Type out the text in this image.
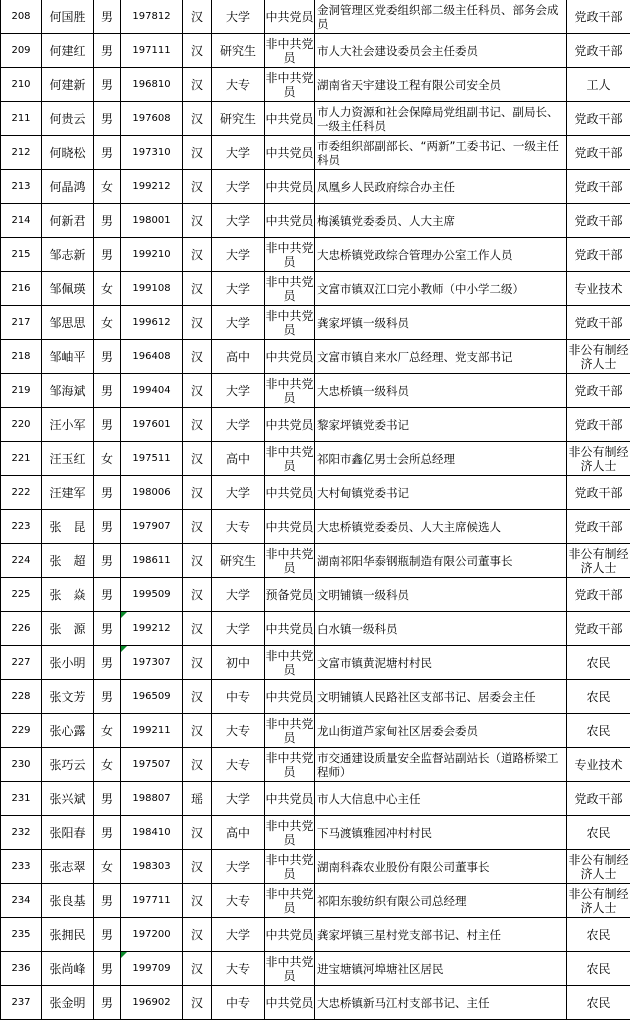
208	何国胜	男	197812	汉	大学	中共党员	金洞管理区党委组织部二级主任科员、部务会成员	党政干部
209	何建红	男	197111	汉	研究生	非中共党员	市人大社会建设委员会主任委员	党政干部
210	何建新	男	196810	汉	大专	非中共党员	湖南省天宇建设工程有限公司安全员	工人
211	何贵云	男	197608	汉	研究生	中共党员	市人力资源和社会保障局党组副书记、副局长、一级主任科员	党政干部
212	何晓松	男	197310	汉	大学	中共党员	市委组织部副部长、“两新”工委书记、一级主任科员	党政干部
213	何晶鸿	女	199212	汉	大学	中共党员	凤凰乡人民政府综合办主任	党政干部
214	何新君	男	198001	汉	大学	中共党员	梅溪镇党委委员、人大主席	党政干部
215	邹志新	男	199210	汉	大学	非中共党员	大忠桥镇党政综合管理办公室工作人员	党政干部
216	邹佩瑛	女	199108	汉	大学	非中共党员	文富市镇双江口完小教师（中小学二级）	专业技术
217	邹思思	女	199612	汉	大学	非中共党员	龚家坪镇一级科员	党政干部
218	邹岫平	男	196408	汉	高中	中共党员	文富市镇自来水厂总经理、党支部书记	非公有制经济人士
219	邹海斌	男	199404	汉	大学	非中共党员	大忠桥镇一级科员	党政干部
220	汪小军	男	197601	汉	大学	中共党员	黎家坪镇党委书记	党政干部
221	汪玉红	女	197511	汉	高中	非中共党员	祁阳市鑫亿男士会所总经理	非公有制经济人士
222	汪建军	男	198006	汉	大学	中共党员	大村甸镇党委书记	党政干部
223	张　昆	男	197907	汉	大专	中共党员	大忠桥镇党委委员、人大主席候选人	党政干部
224	张　超	男	198611	汉	研究生	非中共党员	湖南祁阳华泰钢瓶制造有限公司董事长	非公有制经济人士
225	张　焱	男	199509	汉	大学	预备党员	文明铺镇一级科员	党政干部
226	张　源	男	199212	汉	大学	中共党员	白水镇一级科员	党政干部
227	张小明	男	197307	汉	初中	非中共党员	文富市镇黄泥塘村村民	农民
228	张文芳	男	196509	汉	中专	中共党员	文明铺镇人民路社区支部书记、居委会主任	农民
229	张心露	女	199211	汉	大专	非中共党员	龙山街道芦家甸社区居委会委员	农民
230	张巧云	女	197507	汉	大专	非中共党员	市交通建设质量安全监督站副站长（道路桥梁工程师）	专业技术
231	张兴斌	男	198807	瑶	大学	中共党员	市人大信息中心主任	党政干部
232	张阳春	男	198410	汉	高中	非中共党员	下马渡镇雅园冲村村民	农民
233	张志翠	女	198303	汉	大学	非中共党员	湖南科森农业股份有限公司董事长	非公有制经济人士
234	张良基	男	197711	汉	大专	非中共党员	祁阳东骏纺织有限公司总经理	非公有制经济人士
235	张拥民	男	197200	汉	大学	中共党员	龚家坪镇三星村党支部书记、村主任	农民
236	张尚峰	男	199709	汉	大专	非中共党员	进宝塘镇河埠塘社区居民	农民
237	张金明	男	196902	汉	中专	中共党员	大忠桥镇新马江村支部书记、主任	农民
